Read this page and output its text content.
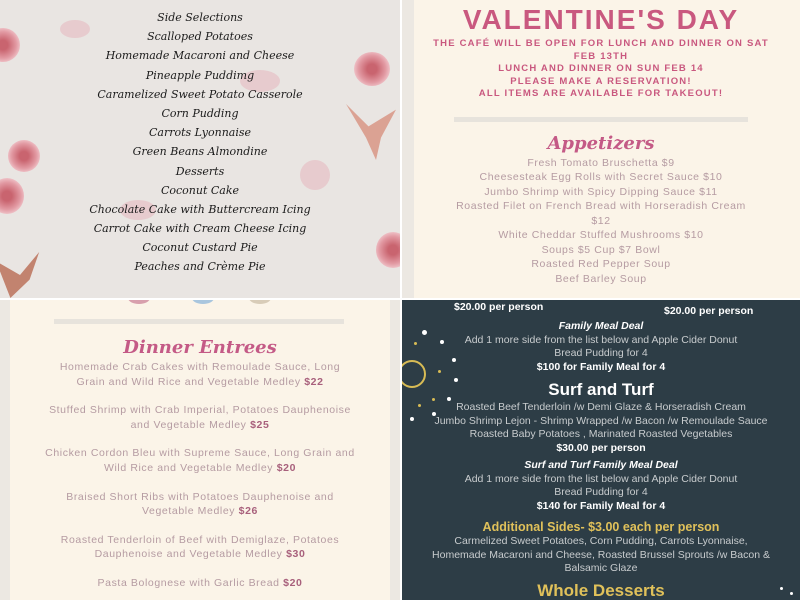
Side Selections
Scalloped Potatoes
Homemade Macaroni and Cheese
Pineapple Puddimg
Caramelized Sweet Potato Casserole
Corn Pudding
Carrots Lyonnaise
Green Beans Almondine
Desserts
Coconut Cake
Chocolate Cake with Buttercream Icing
Carrot Cake with Cream Cheese Icing
Coconut Custard Pie
Peaches and Crème Pie
VALENTINE'S DAY
THE CAFÉ WILL BE OPEN FOR LUNCH AND DINNER ON SAT
FEB 13TH
LUNCH AND DINNER ON SUN FEB 14
PLEASE MAKE A RESERVATION!
ALL ITEMS ARE AVAILABLE FOR TAKEOUT!
Appetizers
Fresh Tomato Bruschetta $9
Cheesesteak Egg Rolls with Secret Sauce $10
Jumbo Shrimp with Spicy Dipping Sauce $11
Roasted Filet on French Bread with Horseradish Cream
$12
White Cheddar Stuffed Mushrooms $10
Soups $5 Cup $7 Bowl
Roasted Red Pepper Soup
Beef Barley Soup
Dinner Entrees
Homemade Crab Cakes with Remoulade Sauce, Long Grain and Wild Rice and Vegetable Medley $22
Stuffed Shrimp with Crab Imperial, Potatoes Dauphenoise and Vegetable Medley $25
Chicken Cordon Bleu with Supreme Sauce, Long Grain and Wild Rice and Vegetable Medley $20
Braised Short Ribs with Potatoes Dauphenoise and Vegetable Medley $26
Roasted Tenderloin of Beef with Demiglaze, Potatoes Dauphenoise and Vegetable Medley $30
Pasta Bolognese with Garlic Bread $20
$20.00 per person	$20.00 per person
Family Meal Deal
Add 1 more side from the list below and Apple Cider Donut Bread Pudding for 4
$100 for Family Meal for 4
Surf and Turf
Roasted Beef Tenderloin /w Demi Glaze & Horseradish Cream
Jumbo Shrimp Lejon - Shrimp Wrapped /w Bacon /w Remoulade Sauce
Roasted Baby Potatoes , Marinated Roasted Vegetables
$30.00 per person
Surf and Turf Family Meal Deal
Add 1 more side from the list below and Apple Cider Donut Bread Pudding for 4
$140 for Family Meal for 4
Additional Sides- $3.00 each per person
Carmelized Sweet Potatoes, Corn Pudding, Carrots Lyonnaise, Homemade Macaroni and Cheese, Roasted Brussel Sprouts /w Bacon & Balsamic Glaze
Whole Desserts
